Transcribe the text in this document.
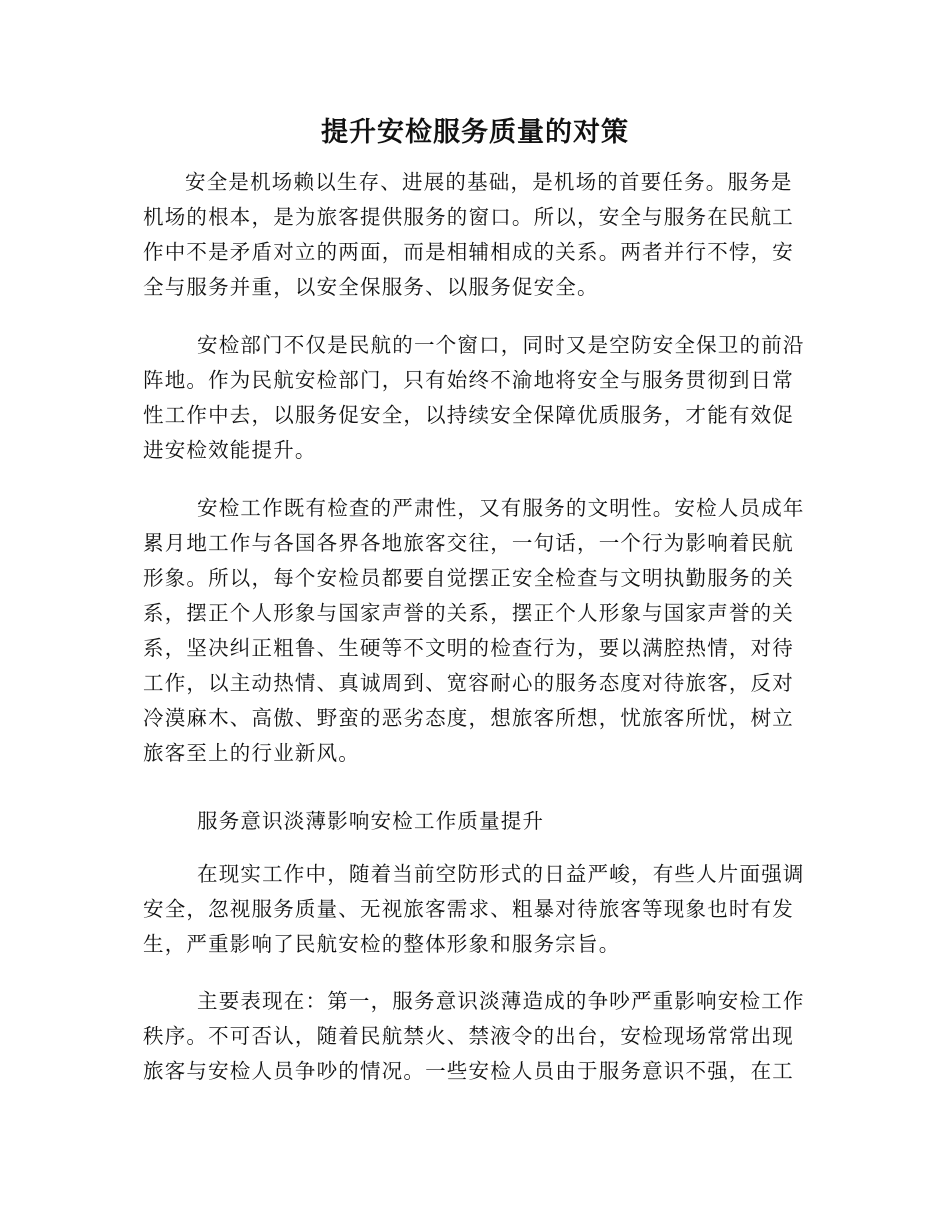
提升安检服务质量的对策
安全是机场赖以生存、进展的基础，是机场的首要任务。服务是
机场的根本，是为旅客提供服务的窗口。所以，安全与服务在民航工
作中不是矛盾对立的两面，而是相辅相成的关系。两者并行不悖，安
全与服务并重，以安全保服务、以服务促安全。
安检部门不仅是民航的一个窗口，同时又是空防安全保卫的前沿
阵地。作为民航安检部门，只有始终不渝地将安全与服务贯彻到日常
性工作中去，以服务促安全，以持续安全保障优质服务，才能有效促
进安检效能提升。
安检工作既有检查的严肃性，又有服务的文明性。安检人员成年
累月地工作与各国各界各地旅客交往，一句话，一个行为影响着民航
形象。所以，每个安检员都要自觉摆正安全检查与文明执勤服务的关
系，摆正个人形象与国家声誉的关系，摆正个人形象与国家声誉的关
系，坚决纠正粗鲁、生硬等不文明的检查行为，要以满腔热情，对待
工作，以主动热情、真诚周到、宽容耐心的服务态度对待旅客，反对
冷漠麻木、高傲、野蛮的恶劣态度，想旅客所想，忧旅客所忧，树立
旅客至上的行业新风。
服务意识淡薄影响安检工作质量提升
在现实工作中，随着当前空防形式的日益严峻，有些人片面强调
安全，忽视服务质量、无视旅客需求、粗暴对待旅客等现象也时有发
生，严重影响了民航安检的整体形象和服务宗旨。
主要表现在：第一，服务意识淡薄造成的争吵严重影响安检工作
秩序。不可否认，随着民航禁火、禁液令的出台，安检现场常常出现
旅客与安检人员争吵的情况。一些安检人员由于服务意识不强，在工
